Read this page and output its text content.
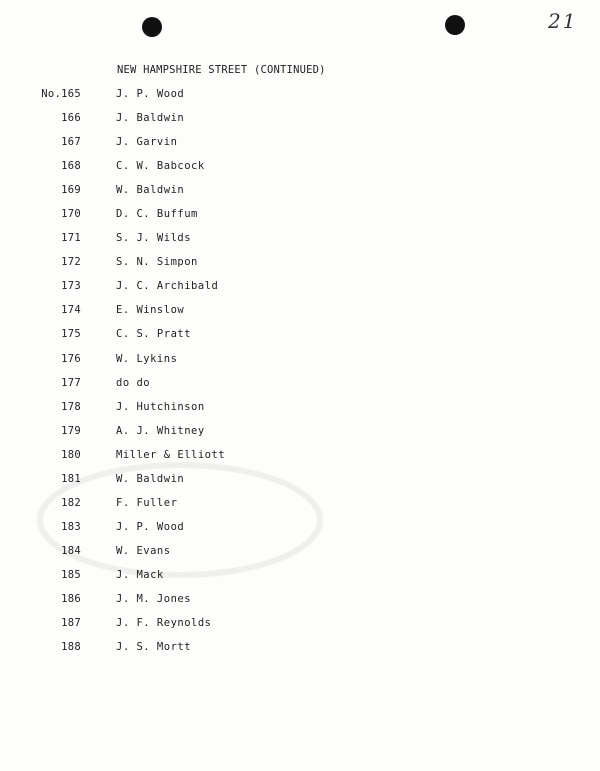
21
NEW HAMPSHIRE STREET (CONTINUED)
No.165	J. P. Wood
166	J. Baldwin
167	J. Garvin
168	C. W. Babcock
169	W. Baldwin
170	D. C. Buffum
171	S. J. Wilds
172	S. N. Simpon
173	J. C. Archibald
174	E. Winslow
175	C. S. Pratt
176	W. Lykins
177	do do
178	J. Hutchinson
179	A. J. Whitney
180	Miller & Elliott
181	W. Baldwin
182	F. Fuller
183	J. P. Wood
184	W. Evans
185	J. Mack
186	J. M. Jones
187	J. F. Reynolds
188	J. S. Mortt
